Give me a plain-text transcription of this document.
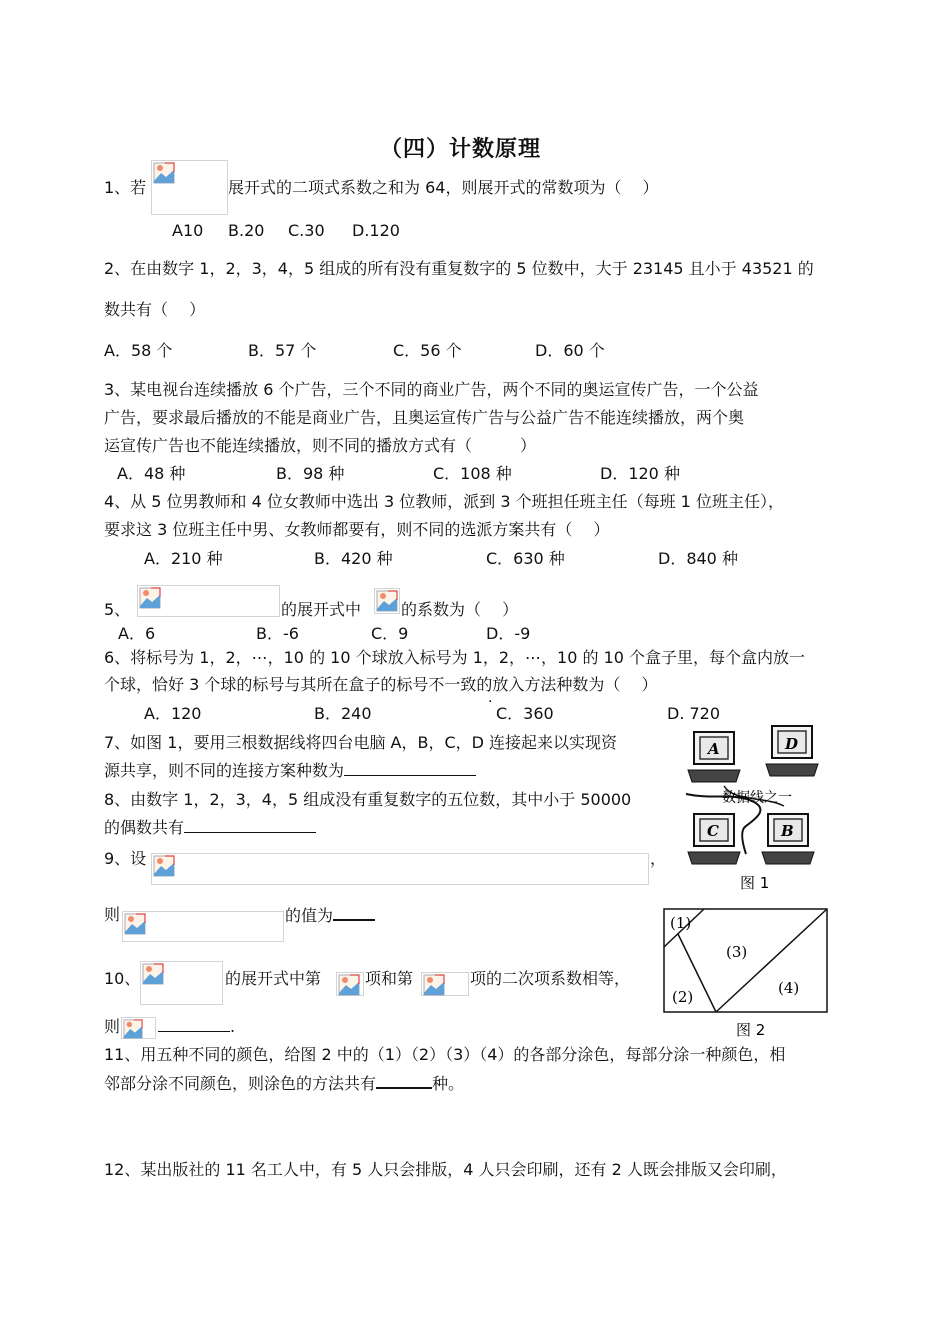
（四）计数原理
1、若	展开式的二项式系数之和为 64，则展开式的常数项为（　 ）
A10 B.20 C.30 D.120
2、在由数字 1，2，3，4，5 组成的所有没有重复数字的 5 位数中，大于 23145 且小于 43521 的
数共有（　 ）
A．58 个	B．57 个	C．56 个	D．60 个
3、某电视台连续播放 6 个广告，三个不同的商业广告，两个不同的奥运宣传广告，一个公益
广告，要求最后播放的不能是商业广告，且奥运宣传广告与公益广告不能连续播放，两个奥
运宣传广告也不能连续播放，则不同的播放方式有（　　　）
A．48 种	B．98 种	C．108 种	D．120 种
4、从 5 位男教师和 4 位女教师中选出 3 位教师，派到 3 个班担任班主任（每班 1 位班主任），
要求这 3 位班主任中男、女教师都要有，则不同的选派方案共有（　 ）
A．210 种	B．420 种	C．630 种	D．840 种
5、	的展开式中 的系数为（　 ）
A．6	B．-6	C．9	D．-9
6、将标号为 1，2，⋯，10 的 10 个球放入标号为 1，2，⋯，10 的 10 个盒子里，每个盒内放一
个球，恰好 3 个球的标号与其所在盒子的标号不一致的放入方法种数为（　 ）
·
A．120	B．240	C．360	D. 720
7、如图 1，要用三根数据线将四台电脑 A，B，C，D 连接起来以实现资
源共享，则不同的连接方案种数为
8、由数字 1，2，3，4，5 组成没有重复数字的五位数，其中小于 50000
的偶数共有
9、设	，
则	的值为
10、	的展开式中第	项和第	项的二次项系数相等，
则	.
11、用五种不同的颜色，给图 2 中的（1）（2）（3）（4）的各部分涂色，每部分涂一种颜色，相
邻部分涂不同颜色，则涂色的方法共有	种。
12、某出版社的 11 名工人中，有 5 人只会排版，4 人只会印刷，还有 2 人既会排版又会印刷，
A	D
C	B
数据线之一
图 1
(1)
(3)
(2)	(4)
图 2
